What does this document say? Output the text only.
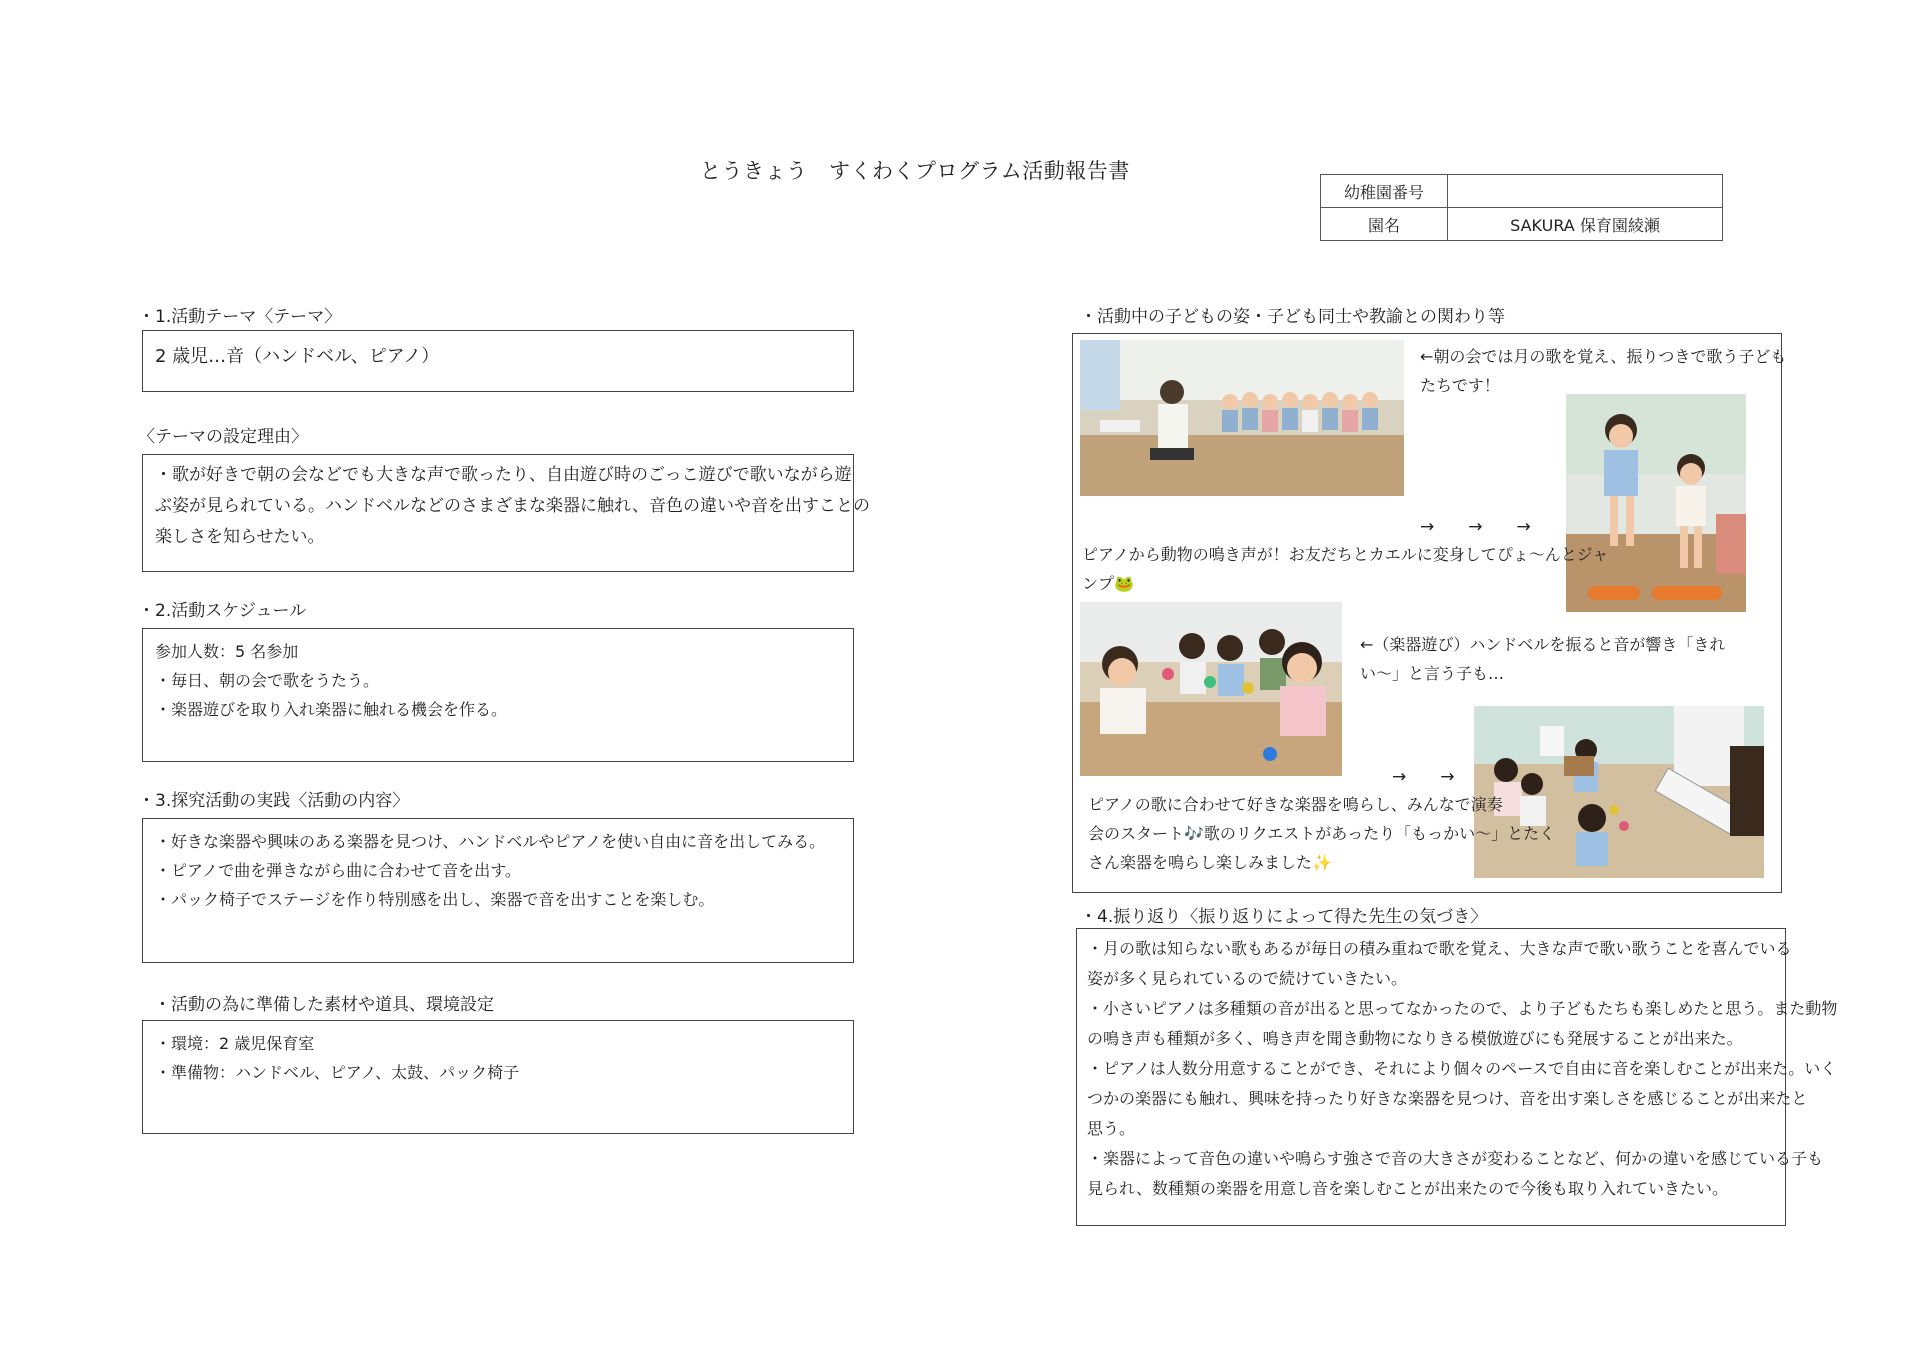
とうきょう　すくわくプログラム活動報告書
幼稚園番号	
園名	SAKURA 保育園綾瀬
・1.活動テーマ〈テーマ〉
2 歳児…音（ハンドベル、ピアノ）
〈テーマの設定理由〉
・歌が好きで朝の会などでも大きな声で歌ったり、自由遊び時のごっこ遊びで歌いながら遊
ぶ姿が見られている。ハンドベルなどのさまざまな楽器に触れ、音色の違いや音を出すことの
楽しさを知らせたい。
・2.活動スケジュール
参加人数：5 名参加
・毎日、朝の会で歌をうたう。
・楽器遊びを取り入れ楽器に触れる機会を作る。
・3.探究活動の実践〈活動の内容〉
・好きな楽器や興味のある楽器を見つけ、ハンドベルやピアノを使い自由に音を出してみる。
・ピアノで曲を弾きながら曲に合わせて音を出す。
・パック椅子でステージを作り特別感を出し、楽器で音を出すことを楽しむ。
・活動の為に準備した素材や道具、環境設定
・環境：2 歳児保育室
・準備物：ハンドベル、ピアノ、太鼓、パック椅子
・活動中の子どもの姿・子ども同士や教諭との関わり等
←朝の会では月の歌を覚え、振りつきで歌う子ども
たちです！
→　　→　　→
ピアノから動物の鳴き声が！お友だちとカエルに変身してぴょ～んとジャ
ンプ🐸
←（楽器遊び）ハンドベルを振ると音が響き「きれ
い～」と言う子も…
→　　→
ピアノの歌に合わせて好きな楽器を鳴らし、みんなで演奏
会のスタート🎶歌のリクエストがあったり「もっかい～」とたく
さん楽器を鳴らし楽しみました✨
・4.振り返り〈振り返りによって得た先生の気づき〉
・月の歌は知らない歌もあるが毎日の積み重ねで歌を覚え、大きな声で歌い歌うことを喜んでいる
姿が多く見られているので続けていきたい。
・小さいピアノは多種類の音が出ると思ってなかったので、より子どもたちも楽しめたと思う。また動物
の鳴き声も種類が多く、鳴き声を聞き動物になりきる模倣遊びにも発展することが出来た。
・ピアノは人数分用意することができ、それにより個々のペースで自由に音を楽しむことが出来た。いく
つかの楽器にも触れ、興味を持ったり好きな楽器を見つけ、音を出す楽しさを感じることが出来たと
思う。
・楽器によって音色の違いや鳴らす強さで音の大きさが変わることなど、何かの違いを感じている子も
見られ、数種類の楽器を用意し音を楽しむことが出来たので今後も取り入れていきたい。
